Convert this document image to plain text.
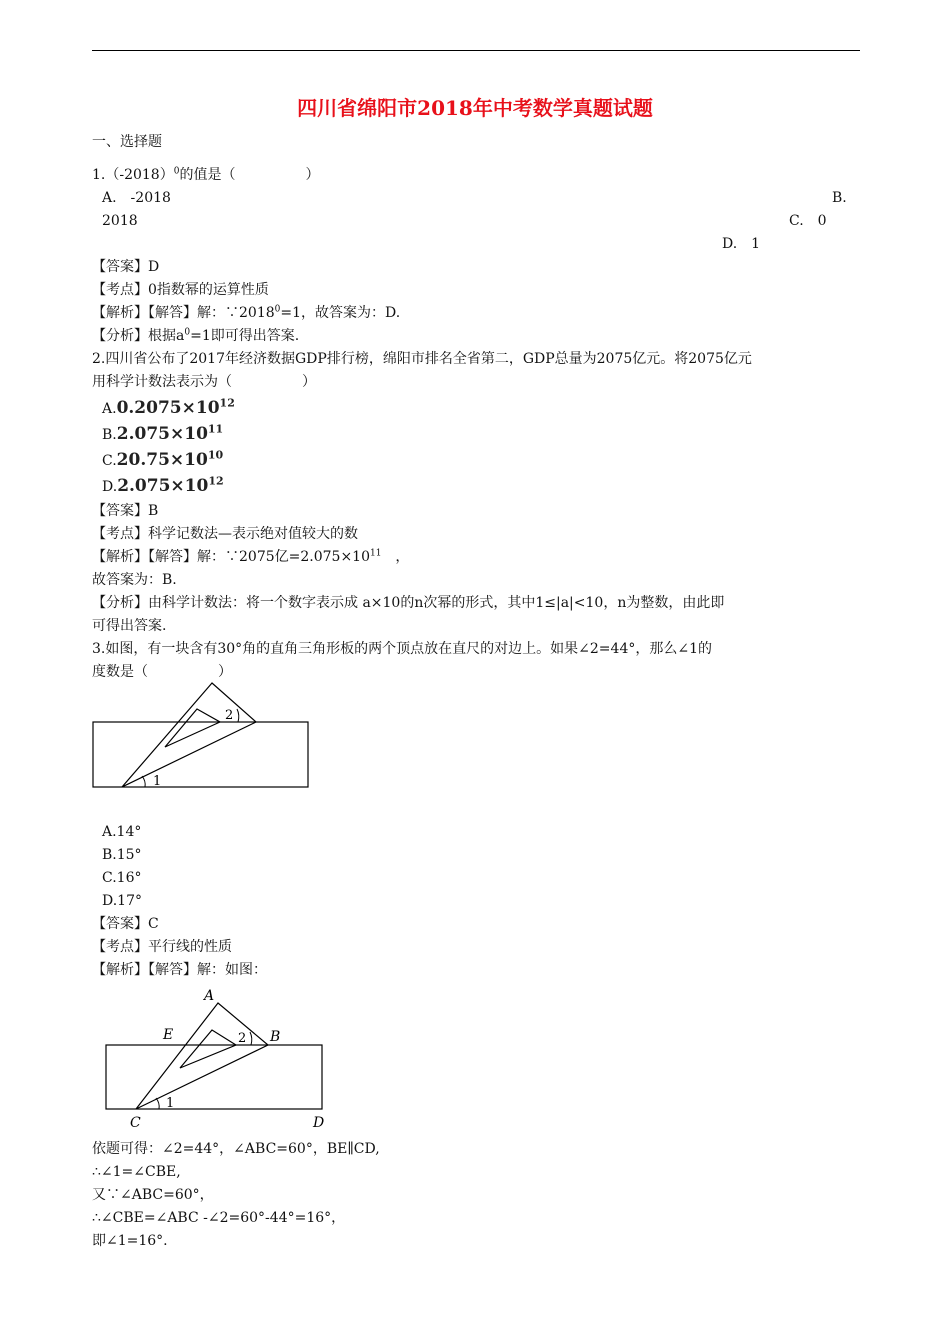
四川省绵阳市2018年中考数学真题试题
一、选择题
$1.(-2018)^0$的值是（　　　　　）
A.　-2018	B.
2018	C.　0
D.　1
【答案】D
【考点】0指数幂的运算性质
【解析】【解答】解：$\because 2018^0=1$，故答案为：D.
【分析】根据$a^0=1$即可得出答案.
2.四川省公布了2017年经济数据GDP排行榜，绵阳市排名全省第二，GDP总量为2075亿元。将2075亿元
用科学计数法表示为（　　　　　）
$A.0.2075\times 10^{12}$
$B.2.075\times 10^{11}$
$C.20.75\times 10^{10}$
$D.2.075\times 10^{12}$
【答案】B
【考点】科学记数法—表示绝对值较大的数
【解析】【解答】解：∵2075亿$=2.075\times 10^{11}$　，
故答案为：B.
【分析】由科学计数法：将一个数字表示成 a×10的n次幂的形式，其中1≤|a|<10，n为整数，由此即
可得出答案.
3.如图，有一块含有30°角的直角三角形板的两个顶点放在直尺的对边上。如果∠2=44°，那么∠1的
度数是（　　　　　）
1
2
A.14°
B.15°
C.16°
D.17°
【答案】C
【考点】平行线的性质
【解析】【解答】解：如图：
A
E	B
C	D
1
2
依题可得：∠2=44°，∠ABC=60°，BE∥CD,
∴∠1=∠CBE,
又∵∠ABC=60°，
∴∠CBE=∠ABC -∠2=60°-44°=16°，
即∠1=16°.
